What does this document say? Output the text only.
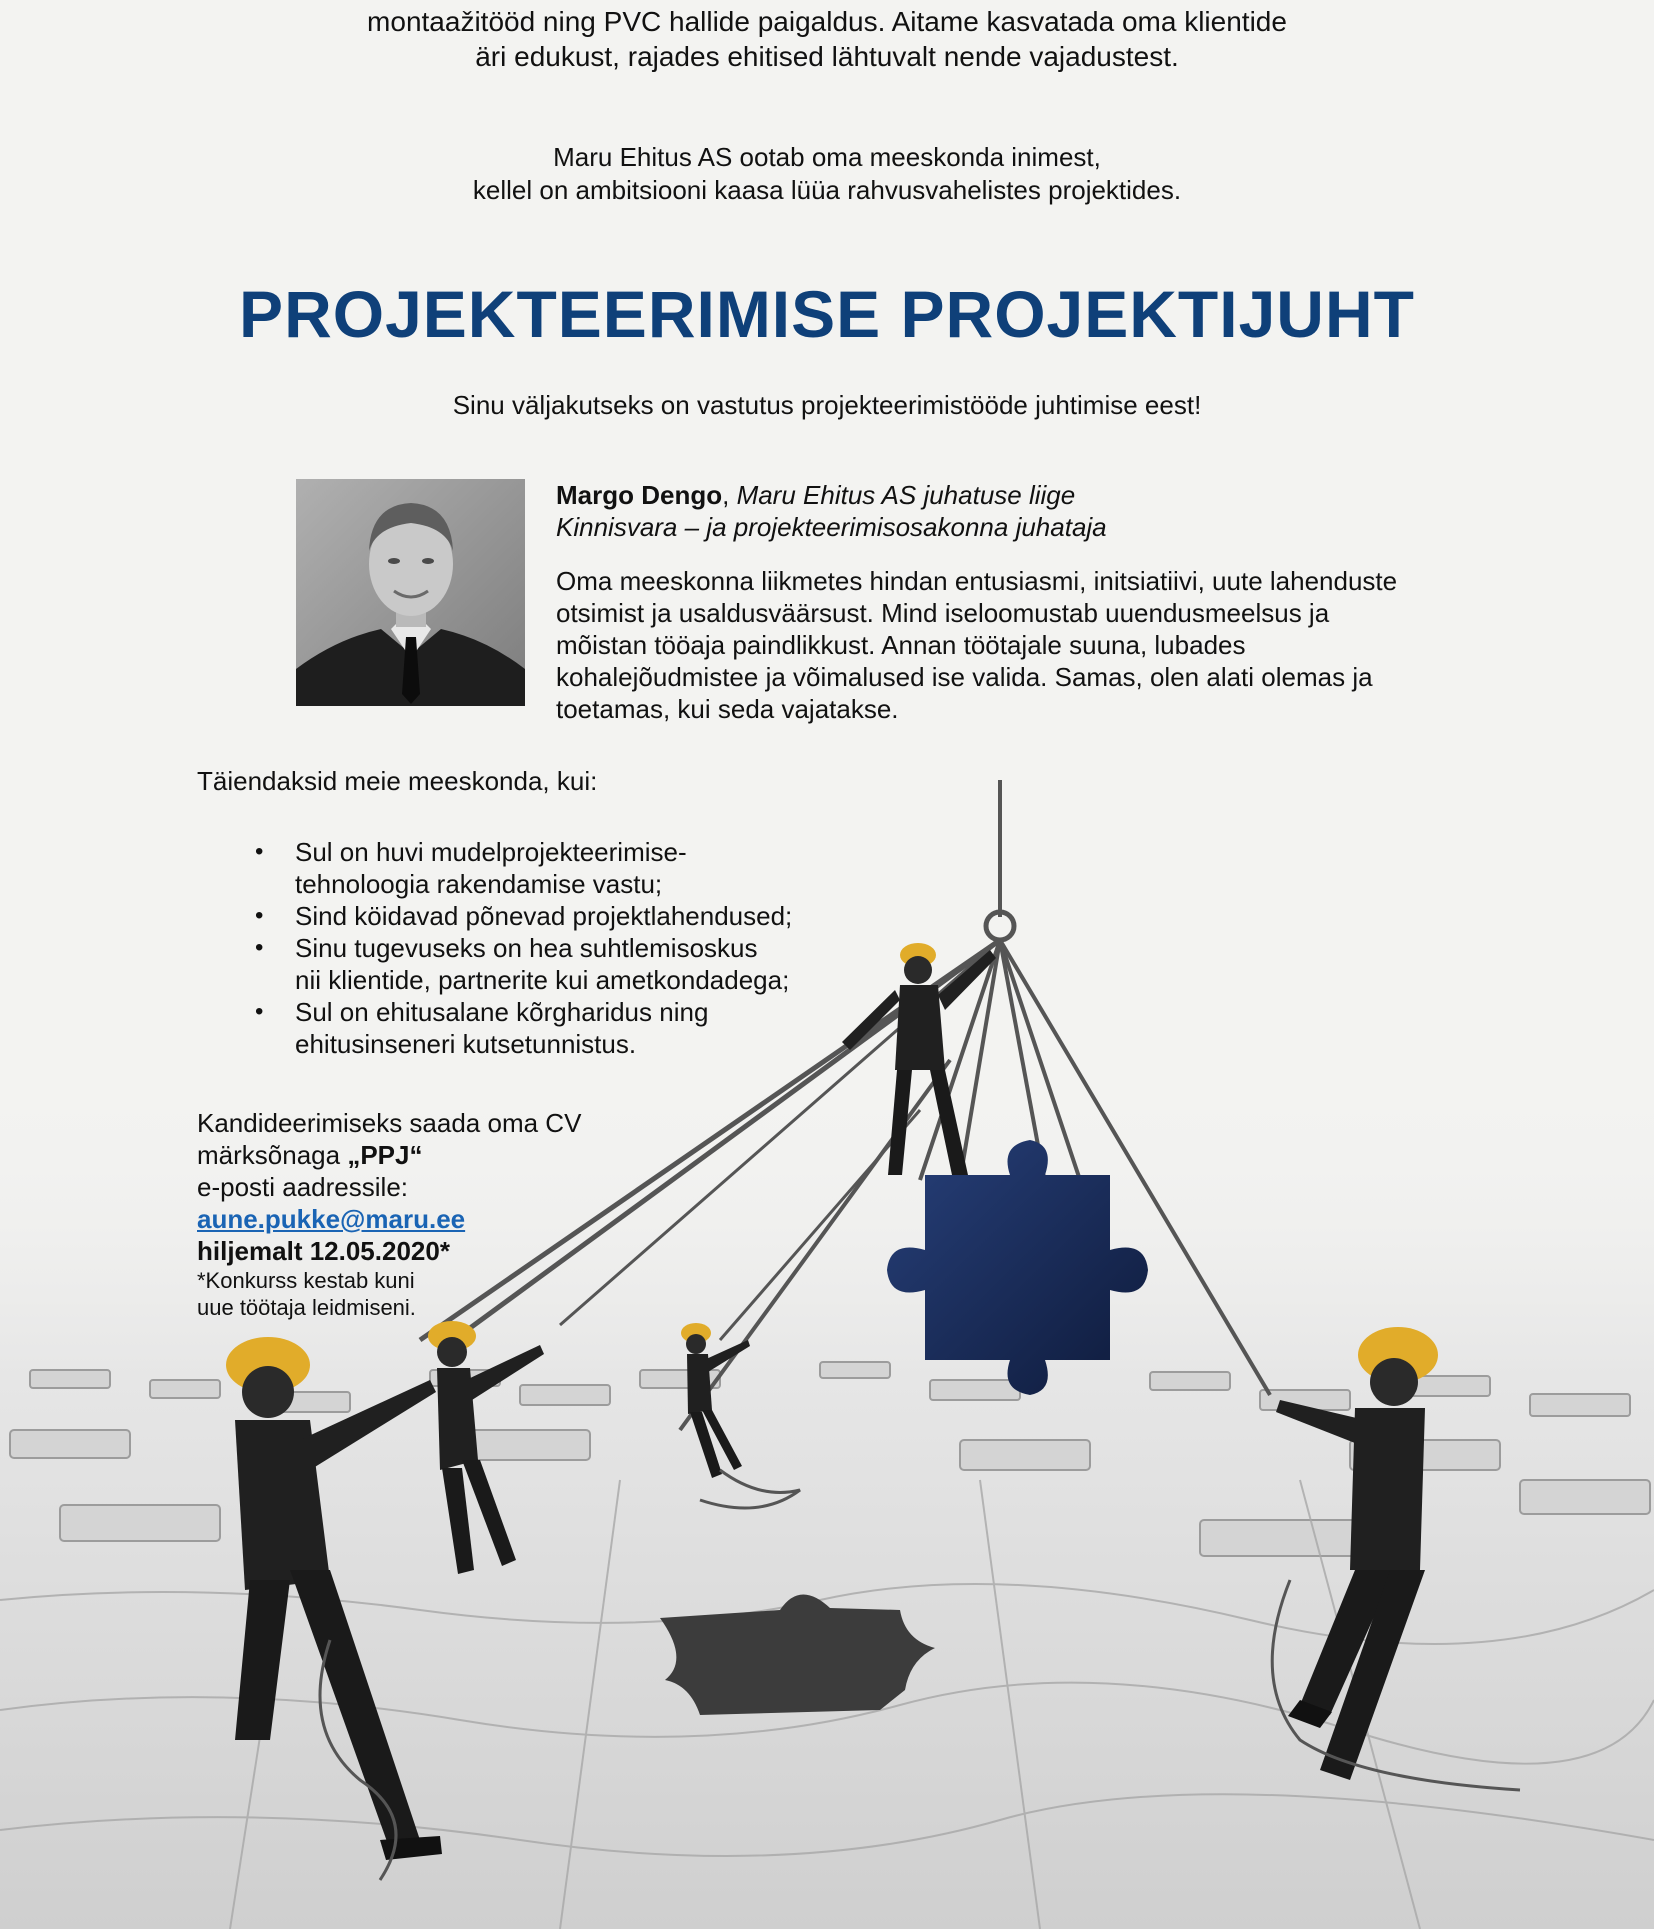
montaažitööd ning PVC hallide paigaldus. Aitame kasvatada oma klientide
äri edukust, rajades ehitised lähtuvalt nende vajadustest.

Maru Ehitus AS ootab oma meeskonda inimest,
kellel on ambitsiooni kaasa lüüa rahvusvahelistes projektides.

PROJEKTEERIMISE PROJEKTIJUHT

Sinu väljakutseks on vastutus projekteerimistööde juhtimise eest!

Margo Dengo, Maru Ehitus AS juhatuse liige
Kinnisvara – ja projekteerimisosakonna juhataja

Oma meeskonna liikmetes hindan entusiasmi, initsiatiivi, uute lahenduste
otsimist ja usaldusväärsust. Mind iseloomustab uuendusmeelsus ja
mõistan tööaja paindlikkust. Annan töötajale suuna, lubades
kohalejõudmistee ja võimalused ise valida. Samas, olen alati olemas ja
toetamas, kui seda vajatakse.

Täiendaksid meie meeskonda, kui:

• Sul on huvi mudelprojekteerimise-
tehnoloogia rakendamise vastu;
• Sind köidavad põnevad projektlahendused;
• Sinu tugevuseks on hea suhtlemisoskus
nii klientide, partnerite kui ametkondadega;
• Sul on ehitusalane kõrgharidus ning
ehitusinseneri kutsetunnistus.
Kandideerimiseks saada oma CV
märksõnaga „PPJ“
e-posti aadressile:
aune.pukke@maru.ee
hiljemalt 12.05.2020*
*Konkurss kestab kuni
uue töötaja leidmiseni.
